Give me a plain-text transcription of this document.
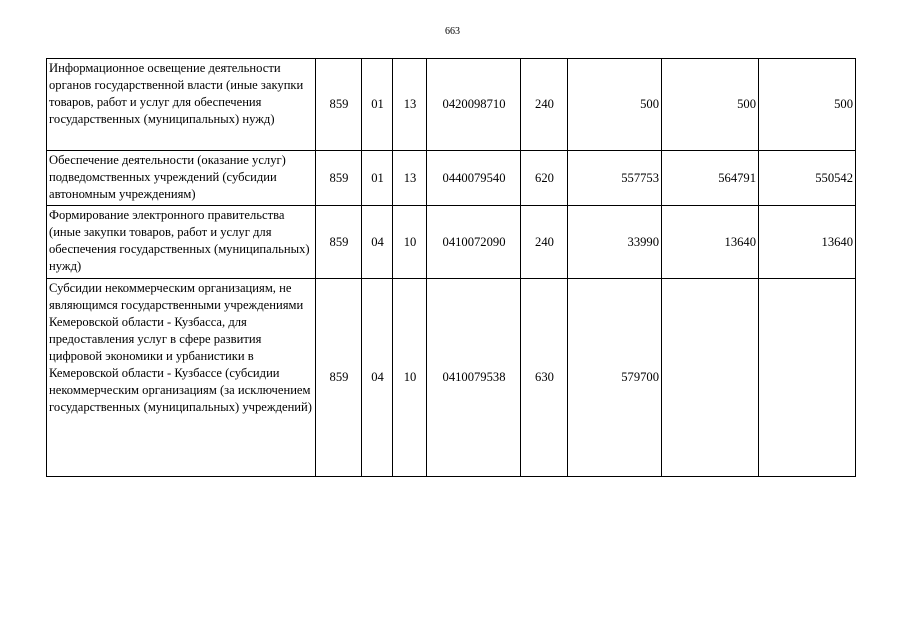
663
Информационное освещение деятельности органов государственной власти (иные закупки товаров, работ и услуг для обеспечения государственных (муниципальных) нужд)	859	01	13	0420098710	240	500	500	500
Обеспечение деятельности (оказание услуг) подведомственных учреждений (субсидии автономным учреждениям)	859	01	13	0440079540	620	557753	564791	550542
Формирование электронного правительства (иные закупки товаров, работ и услуг для обеспечения государственных (муниципальных) нужд)	859	04	10	0410072090	240	33990	13640	13640
Субсидии некоммерческим организациям, не являющимся государственными учреждениями Кемеровской области - Кузбасса, для предоставления услуг в сфере развития цифровой экономики и урбанистики в Кемеровской области - Кузбассе (субсидии некоммерческим организациям (за исключением государственных (муниципальных) учреждений)	859	04	10	0410079538	630	579700		
